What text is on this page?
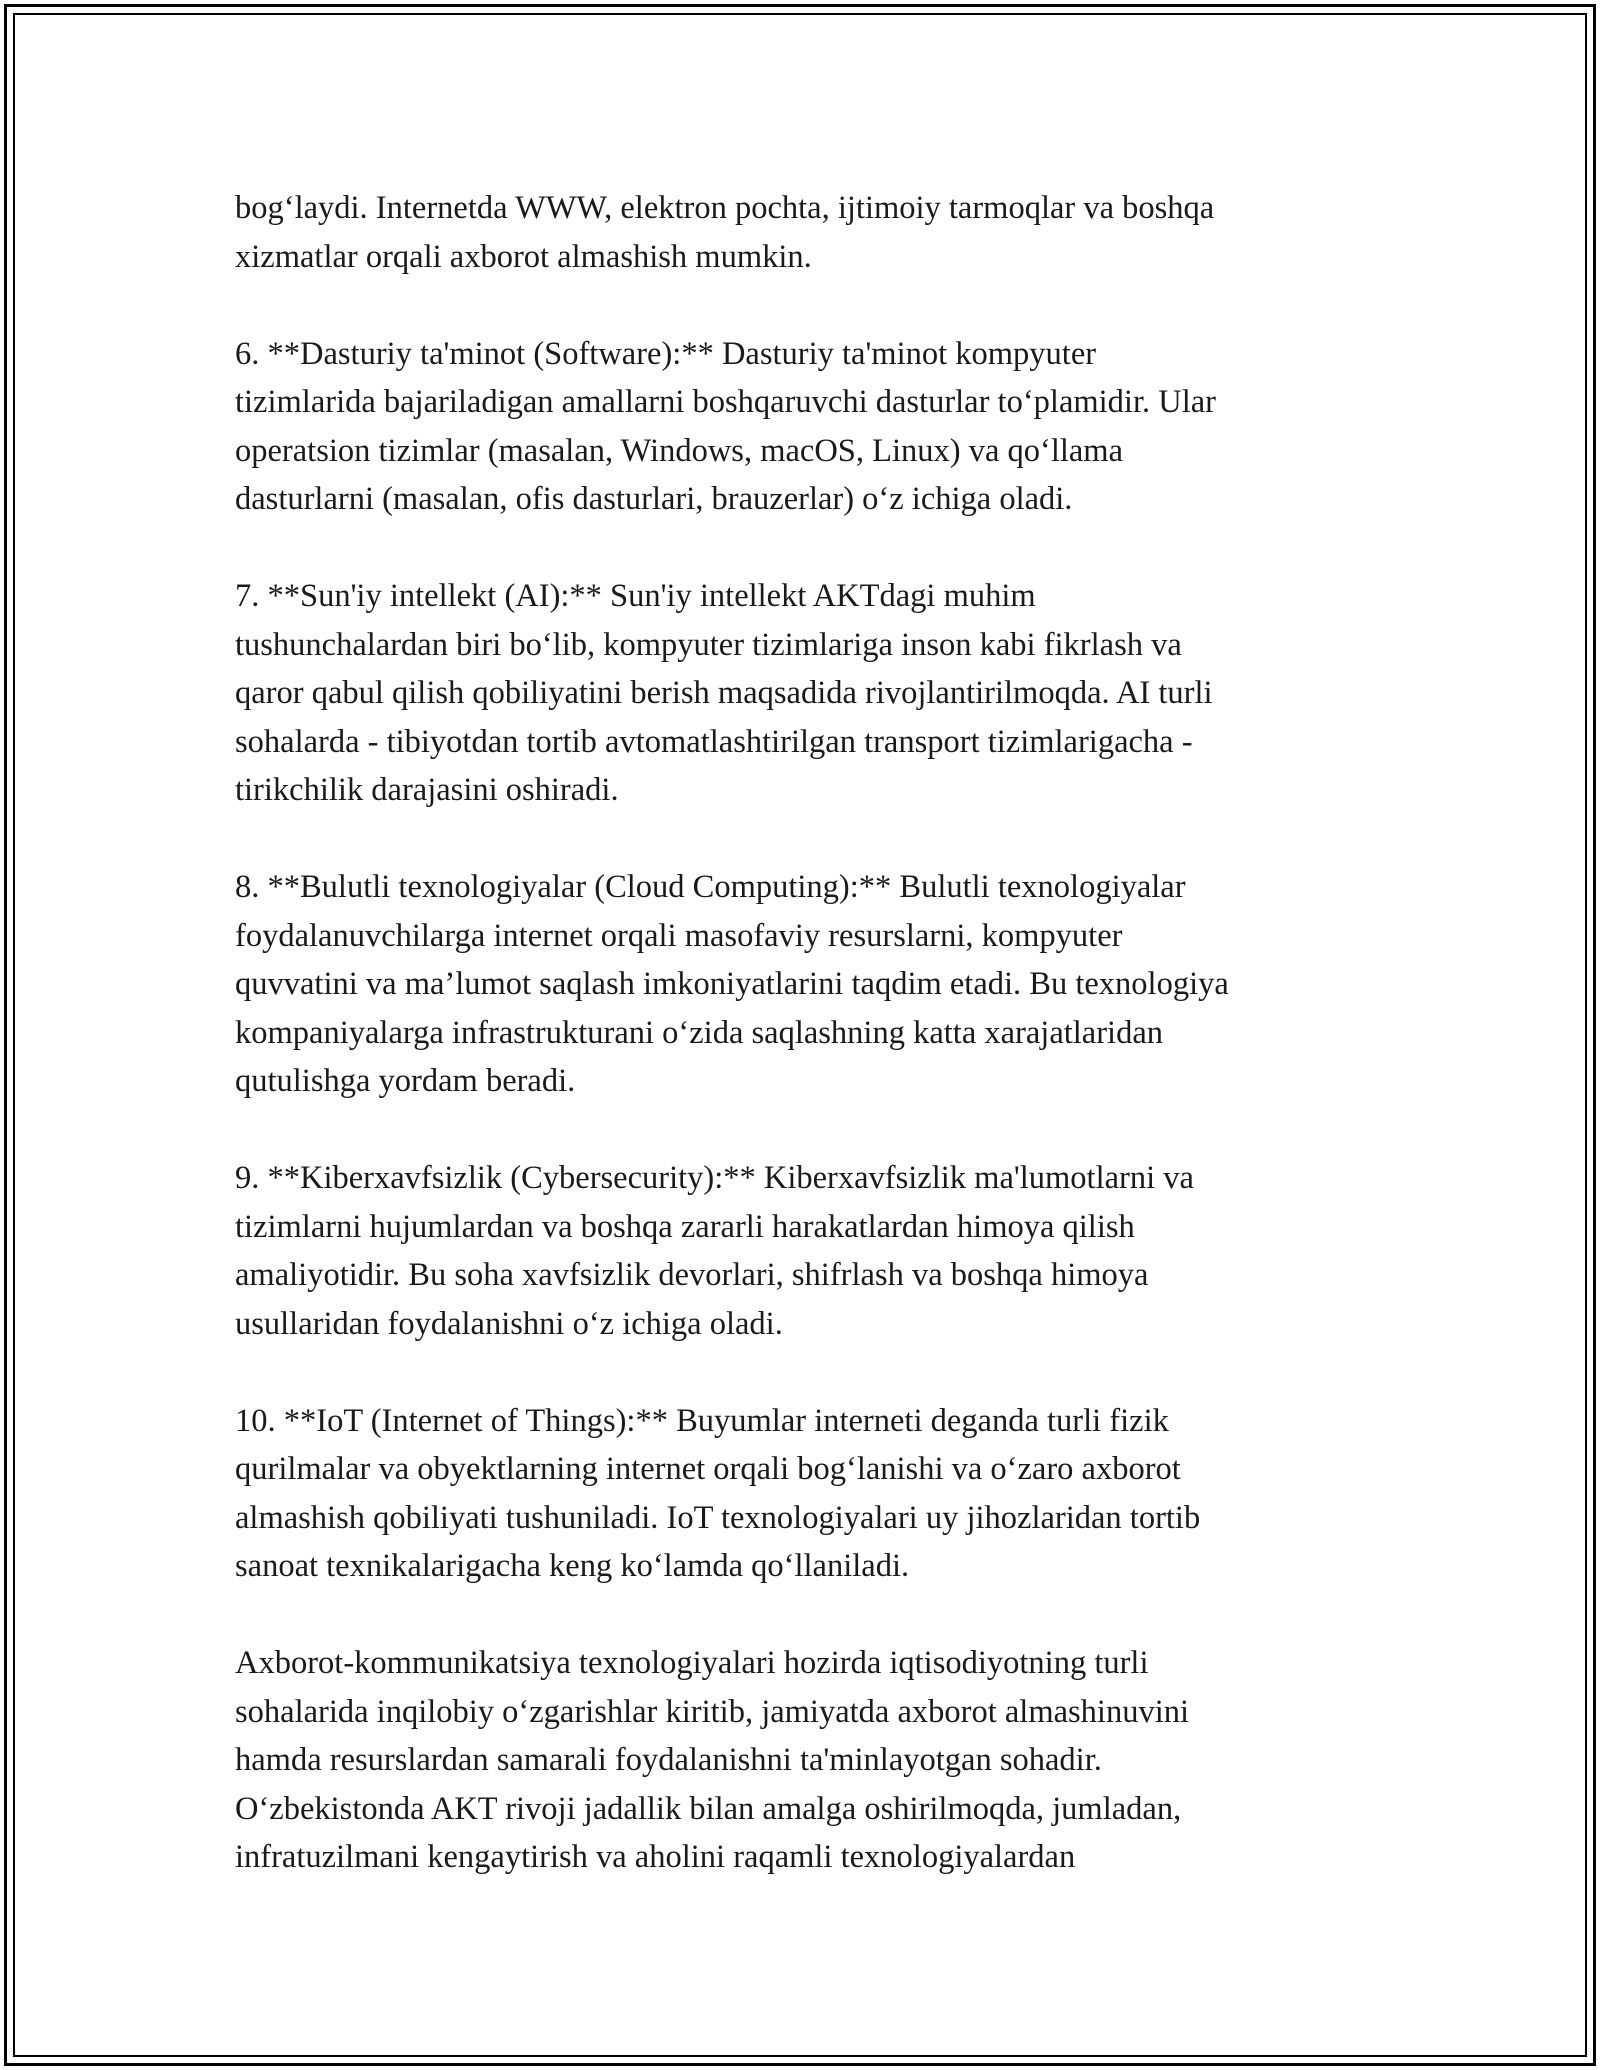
bog‘laydi. Internetda WWW, elektron pochta, ijtimoiy tarmoqlar va boshqa
xizmatlar orqali axborot almashish mumkin.

6. **Dasturiy ta'minot (Software):** Dasturiy ta'minot kompyuter
tizimlarida bajariladigan amallarni boshqaruvchi dasturlar to‘plamidir. Ular
operatsion tizimlar (masalan, Windows, macOS, Linux) va qo‘llama
dasturlarni (masalan, ofis dasturlari, brauzerlar) o‘z ichiga oladi.

7. **Sun'iy intellekt (AI):** Sun'iy intellekt AKTdagi muhim
tushunchalardan biri bo‘lib, kompyuter tizimlariga inson kabi fikrlash va
qaror qabul qilish qobiliyatini berish maqsadida rivojlantirilmoqda. AI turli
sohalarda - tibiyotdan tortib avtomatlashtirilgan transport tizimlarigacha -
tirikchilik darajasini oshiradi.

8. **Bulutli texnologiyalar (Cloud Computing):** Bulutli texnologiyalar
foydalanuvchilarga internet orqali masofaviy resurslarni, kompyuter
quvvatini va ma’lumot saqlash imkoniyatlarini taqdim etadi. Bu texnologiya
kompaniyalarga infrastrukturani o‘zida saqlashning katta xarajatlaridan
qutulishga yordam beradi.

9. **Kiberxavfsizlik (Cybersecurity):** Kiberxavfsizlik ma'lumotlarni va
tizimlarni hujumlardan va boshqa zararli harakatlardan himoya qilish
amaliyotidir. Bu soha xavfsizlik devorlari, shifrlash va boshqa himoya
usullaridan foydalanishni o‘z ichiga oladi.

10. **IoT (Internet of Things):** Buyumlar interneti deganda turli fizik
qurilmalar va obyektlarning internet orqali bog‘lanishi va o‘zaro axborot
almashish qobiliyati tushuniladi. IoT texnologiyalari uy jihozlaridan tortib
sanoat texnikalarigacha keng ko‘lamda qo‘llaniladi.

Axborot-kommunikatsiya texnologiyalari hozirda iqtisodiyotning turli
sohalarida inqilobiy o‘zgarishlar kiritib, jamiyatda axborot almashinuvini
hamda resurslardan samarali foydalanishni ta'minlayotgan sohadir.
O‘zbekistonda AKT rivoji jadallik bilan amalga oshirilmoqda, jumladan,
infratuzilmani kengaytirish va aholini raqamli texnologiyalardan
